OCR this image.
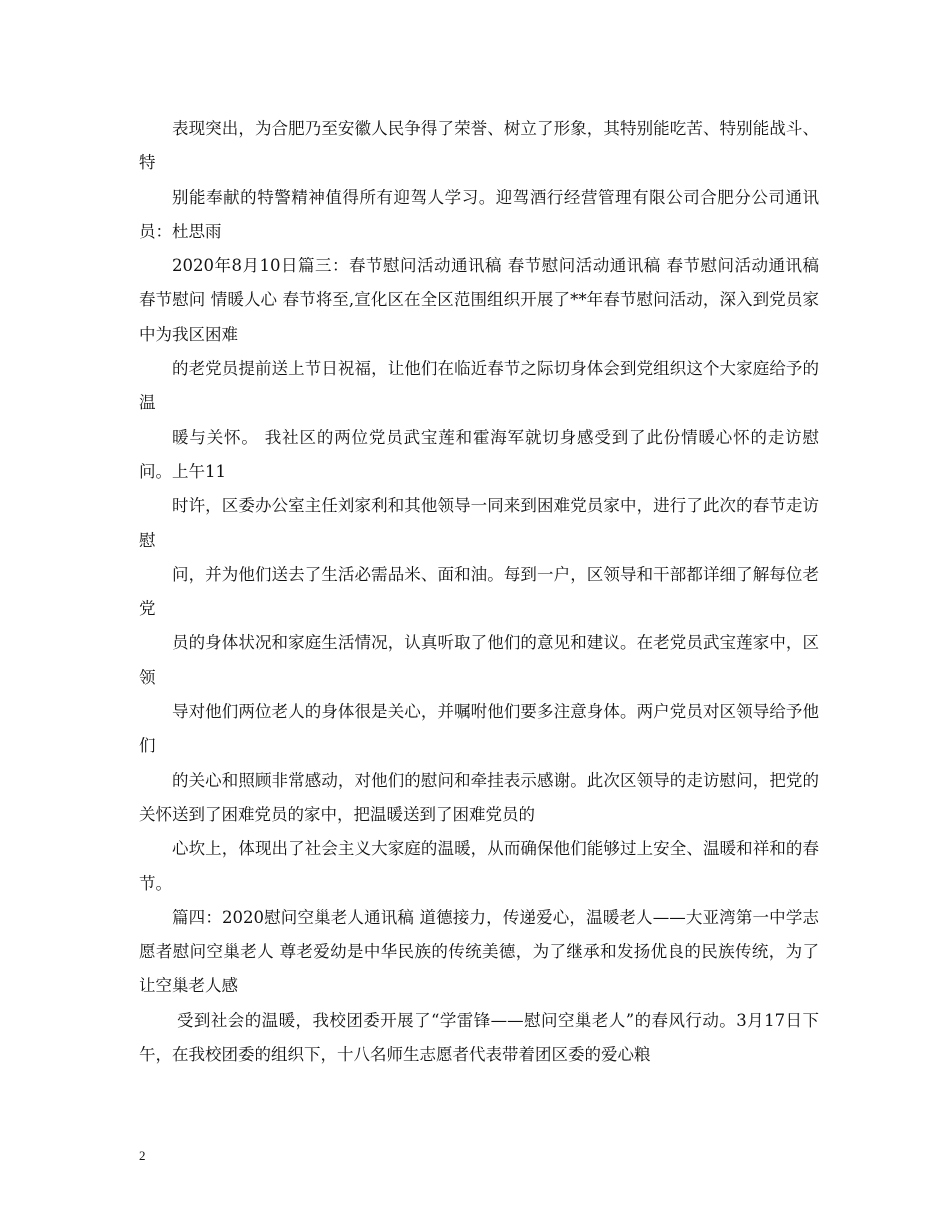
表现突出，为合肥乃至安徽人民争得了荣誉、树立了形象，其特别能吃苦、特别能战斗、特

别能奉献的特警精神值得所有迎驾人学习。迎驾酒行经营管理有限公司合肥分公司通讯员：杜思雨

2020年8月10日篇三：春节慰问活动通讯稿 春节慰问活动通讯稿 春节慰问活动通讯稿 春节慰问 情暖人心 春节将至,宣化区在全区范围组织开展了**年春节慰问活动，深入到党员家中为我区困难

的老党员提前送上节日祝福，让他们在临近春节之际切身体会到党组织这个大家庭给予的温

暖与关怀。 我社区的两位党员武宝莲和霍海军就切身感受到了此份情暖心怀的走访慰问。上午11

时许，区委办公室主任刘家利和其他领导一同来到困难党员家中，进行了此次的春节走访慰

问，并为他们送去了生活必需品米、面和油。每到一户，区领导和干部都详细了解每位老党

员的身体状况和家庭生活情况，认真听取了他们的意见和建议。在老党员武宝莲家中，区领

导对他们两位老人的身体很是关心，并嘱咐他们要多注意身体。两户党员对区领导给予他们

的关心和照顾非常感动，对他们的慰问和牵挂表示感谢。此次区领导的走访慰问，把党的关怀送到了困难党员的家中，把温暖送到了困难党员的

心坎上，体现出了社会主义大家庭的温暖，从而确保他们能够过上安全、温暖和祥和的春节。

篇四：2020慰问空巢老人通讯稿 道德接力，传递爱心，温暖老人——大亚湾第一中学志愿者慰问空巢老人 尊老爱幼是中华民族的传统美德，为了继承和发扬优良的民族传统，为了让空巢老人感

受到社会的温暖，我校团委开展了“学雷锋——慰问空巢老人”的春风行动。3月17日下午，在我校团委的组织下，十八名师生志愿者代表带着团区委的爱心粮

2
